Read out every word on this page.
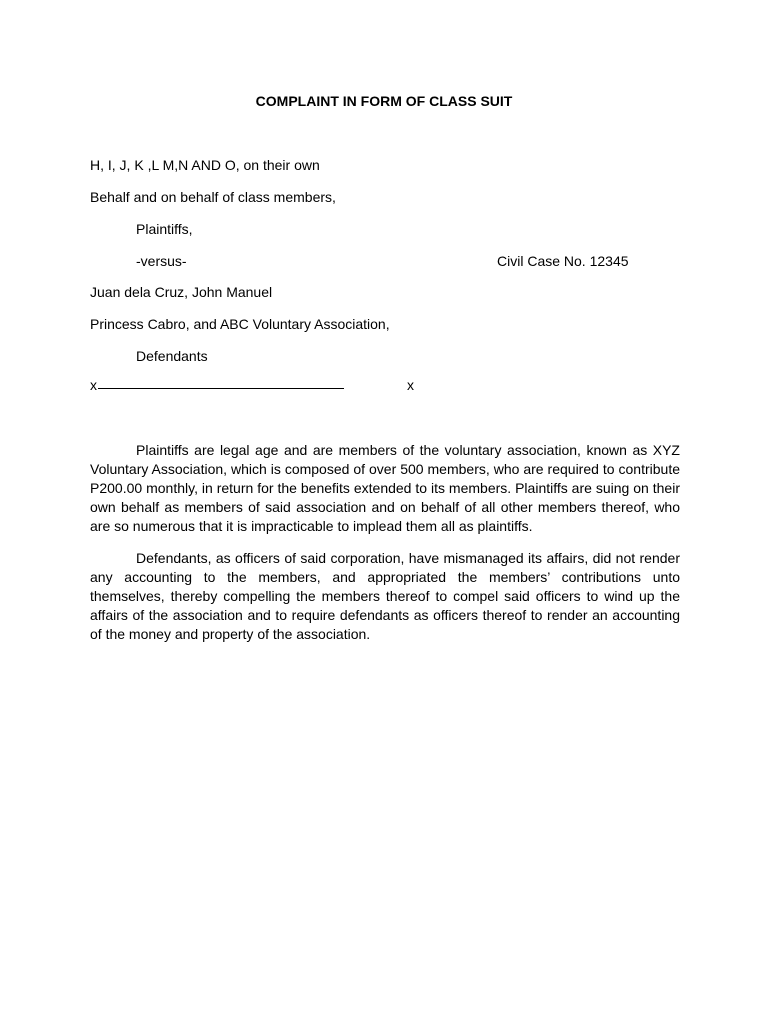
COMPLAINT IN FORM OF CLASS SUIT
H, I, J, K ,L M,N AND O, on their own
Behalf and on behalf of class members,
Plaintiffs,
-versus-	Civil Case No. 12345
Juan dela Cruz, John Manuel
Princess Cabro, and ABC Voluntary Association,
Defendants
x	x
Plaintiffs are legal age and are members of the voluntary association, known as XYZ Voluntary Association, which is composed of over 500 members, who are required to contribute P200.00 monthly, in return for the benefits extended to its members. Plaintiffs are suing on their own behalf as members of said association and on behalf of all other members thereof, who are so numerous that it is impracticable to implead them all as plaintiffs.
Defendants, as officers of said corporation, have mismanaged its affairs, did not render any accounting to the members, and appropriated the members’ contributions unto themselves, thereby compelling the members thereof to compel said officers to wind up the affairs of the association and to require defendants as officers thereof to render an accounting of the money and property of the association.
